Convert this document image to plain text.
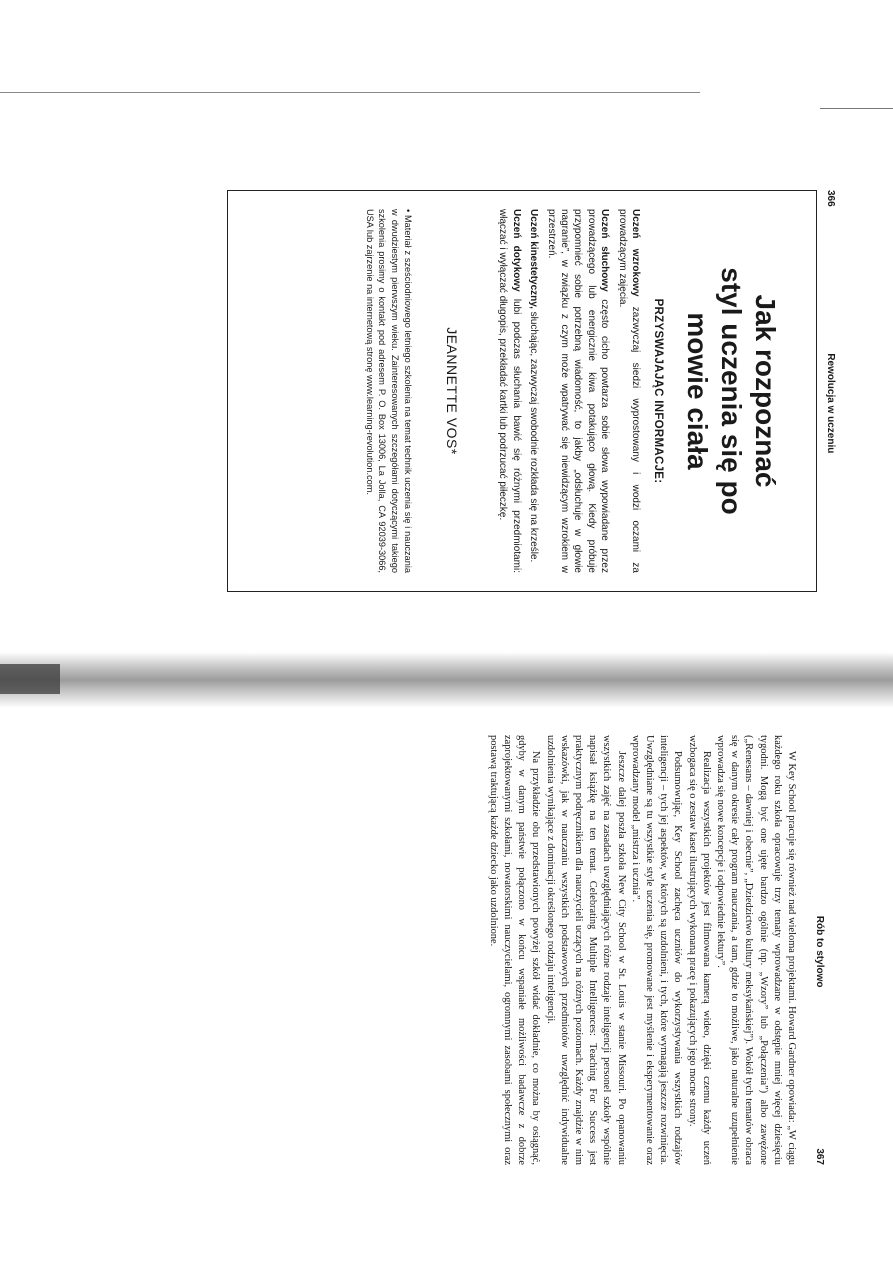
366
Rewolucja w uczeniu
Jak rozpoznać
styl uczenia się po
mowie ciała
PRZYSWAJAJĄC INFORMACJE:

Uczeń wzrokowy zazwyczaj siedzi wyprostowany i wodzi oczami za prowadzącym zajęcia.

Uczeń słuchowy często cicho powtarza sobie słowa wypowiadane przez prowadzącego lub energicznie kiwa potakująco głową. Kiedy próbuje przypomnieć sobie potrzebną wiadomość, to jakby „odsłuchuje w głowie nagranie”, w związku z czym może wpatrywać się niewidzącym wzrokiem w przestrzeń.

Uczeń kinestetyczny, słuchając, zazwyczaj swobodnie rozkłada się na krześle.

Uczeń dotykowy lubi podczas słuchania bawić się różnymi przedmiotami: włączać i wyłączać długopis, przekładać kartki lub podrzucać piłeczkę.

JEANNETTE VOS*
• Materiał z sześciodniowego letniego szkolenia na temat technik uczenia się i nauczania w dwudziestym pierwszym wieku. Zainteresowanych szczegółami dotyczącymi takiego szkolenia prosimy o kontakt pod adresem P. O. Box 13006, La Jolla, CA 92039-3066, USA lub zajrzenie na internetową stronę www.learning-revolution.com.
Rób to stylowo
367

W Key School pracuje się również nad wieloma projektami. Howard Gardner opowiada: „W ciągu każdego roku szkoła opracowuje trzy tematy wprowadzane w odstępie mniej więcej dziesięciu tygodni. Mogą być one ujęte bardzo ogólnie (np. „Wzory” lub „Połączenia”) albo zawężone („Renesans – dawniej i obecnie”, „Dziedzictwo kultury meksykańskiej”). Wokół tych tematów obraca się w danym okresie cały program nauczania, a tam, gdzie to możliwe, jako naturalne uzupełnienie wprowadza się nowe koncepcje i odpowiednie lektury”.

Realizacja wszystkich projektów jest filmowana kamerą wideo, dzięki czemu każdy uczeń wzbogaca się o zestaw kaset ilustrujących wykonaną pracę i pokazujących jego mocne strony.

Podsumowując, Key School zachęca uczniów do wykorzystywania wszystkich rodzajów inteligencji – tych jej aspektów, w których są uzdolnieni, i tych, które wymagają jeszcze rozwinięcia. Uwzględniane są tu wszystkie style uczenia się, promowane jest myślenie i eksperymentowanie oraz wprowadzany model „mistrza i ucznia”.

Jeszcze dalej poszła szkoła New City School w St. Louis w stanie Missouri. Po opanowaniu wszystkich zajęć na zasadach uwzględniających różne rodzaje inteligencji personel szkoły wspólnie napisał książkę na ten temat. Celebrating Multiple Intelligences: Teaching For Success jest praktycznym podręcznikiem dla nauczycieli uczących na różnych poziomach. Każdy znajdzie w nim wskazówki, jak w nauczaniu wszystkich podstawowych przedmiotów uwzględnić indywidualne uzdolnienia wynikające z dominacji określonego rodzaju inteligencji.

Na przykładzie obu przedstawionych powyżej szkół widać dokładnie, co można by osiągnąć, gdyby w danym państwie połączono w końcu wspaniałe możliwości badawcze z dobrze zaprojektowanymi szkołami, nowatorskimi nauczycielami, ogromnymi zasobami społecznymi oraz postawą traktującą każde dziecko jako uzdolnione.
